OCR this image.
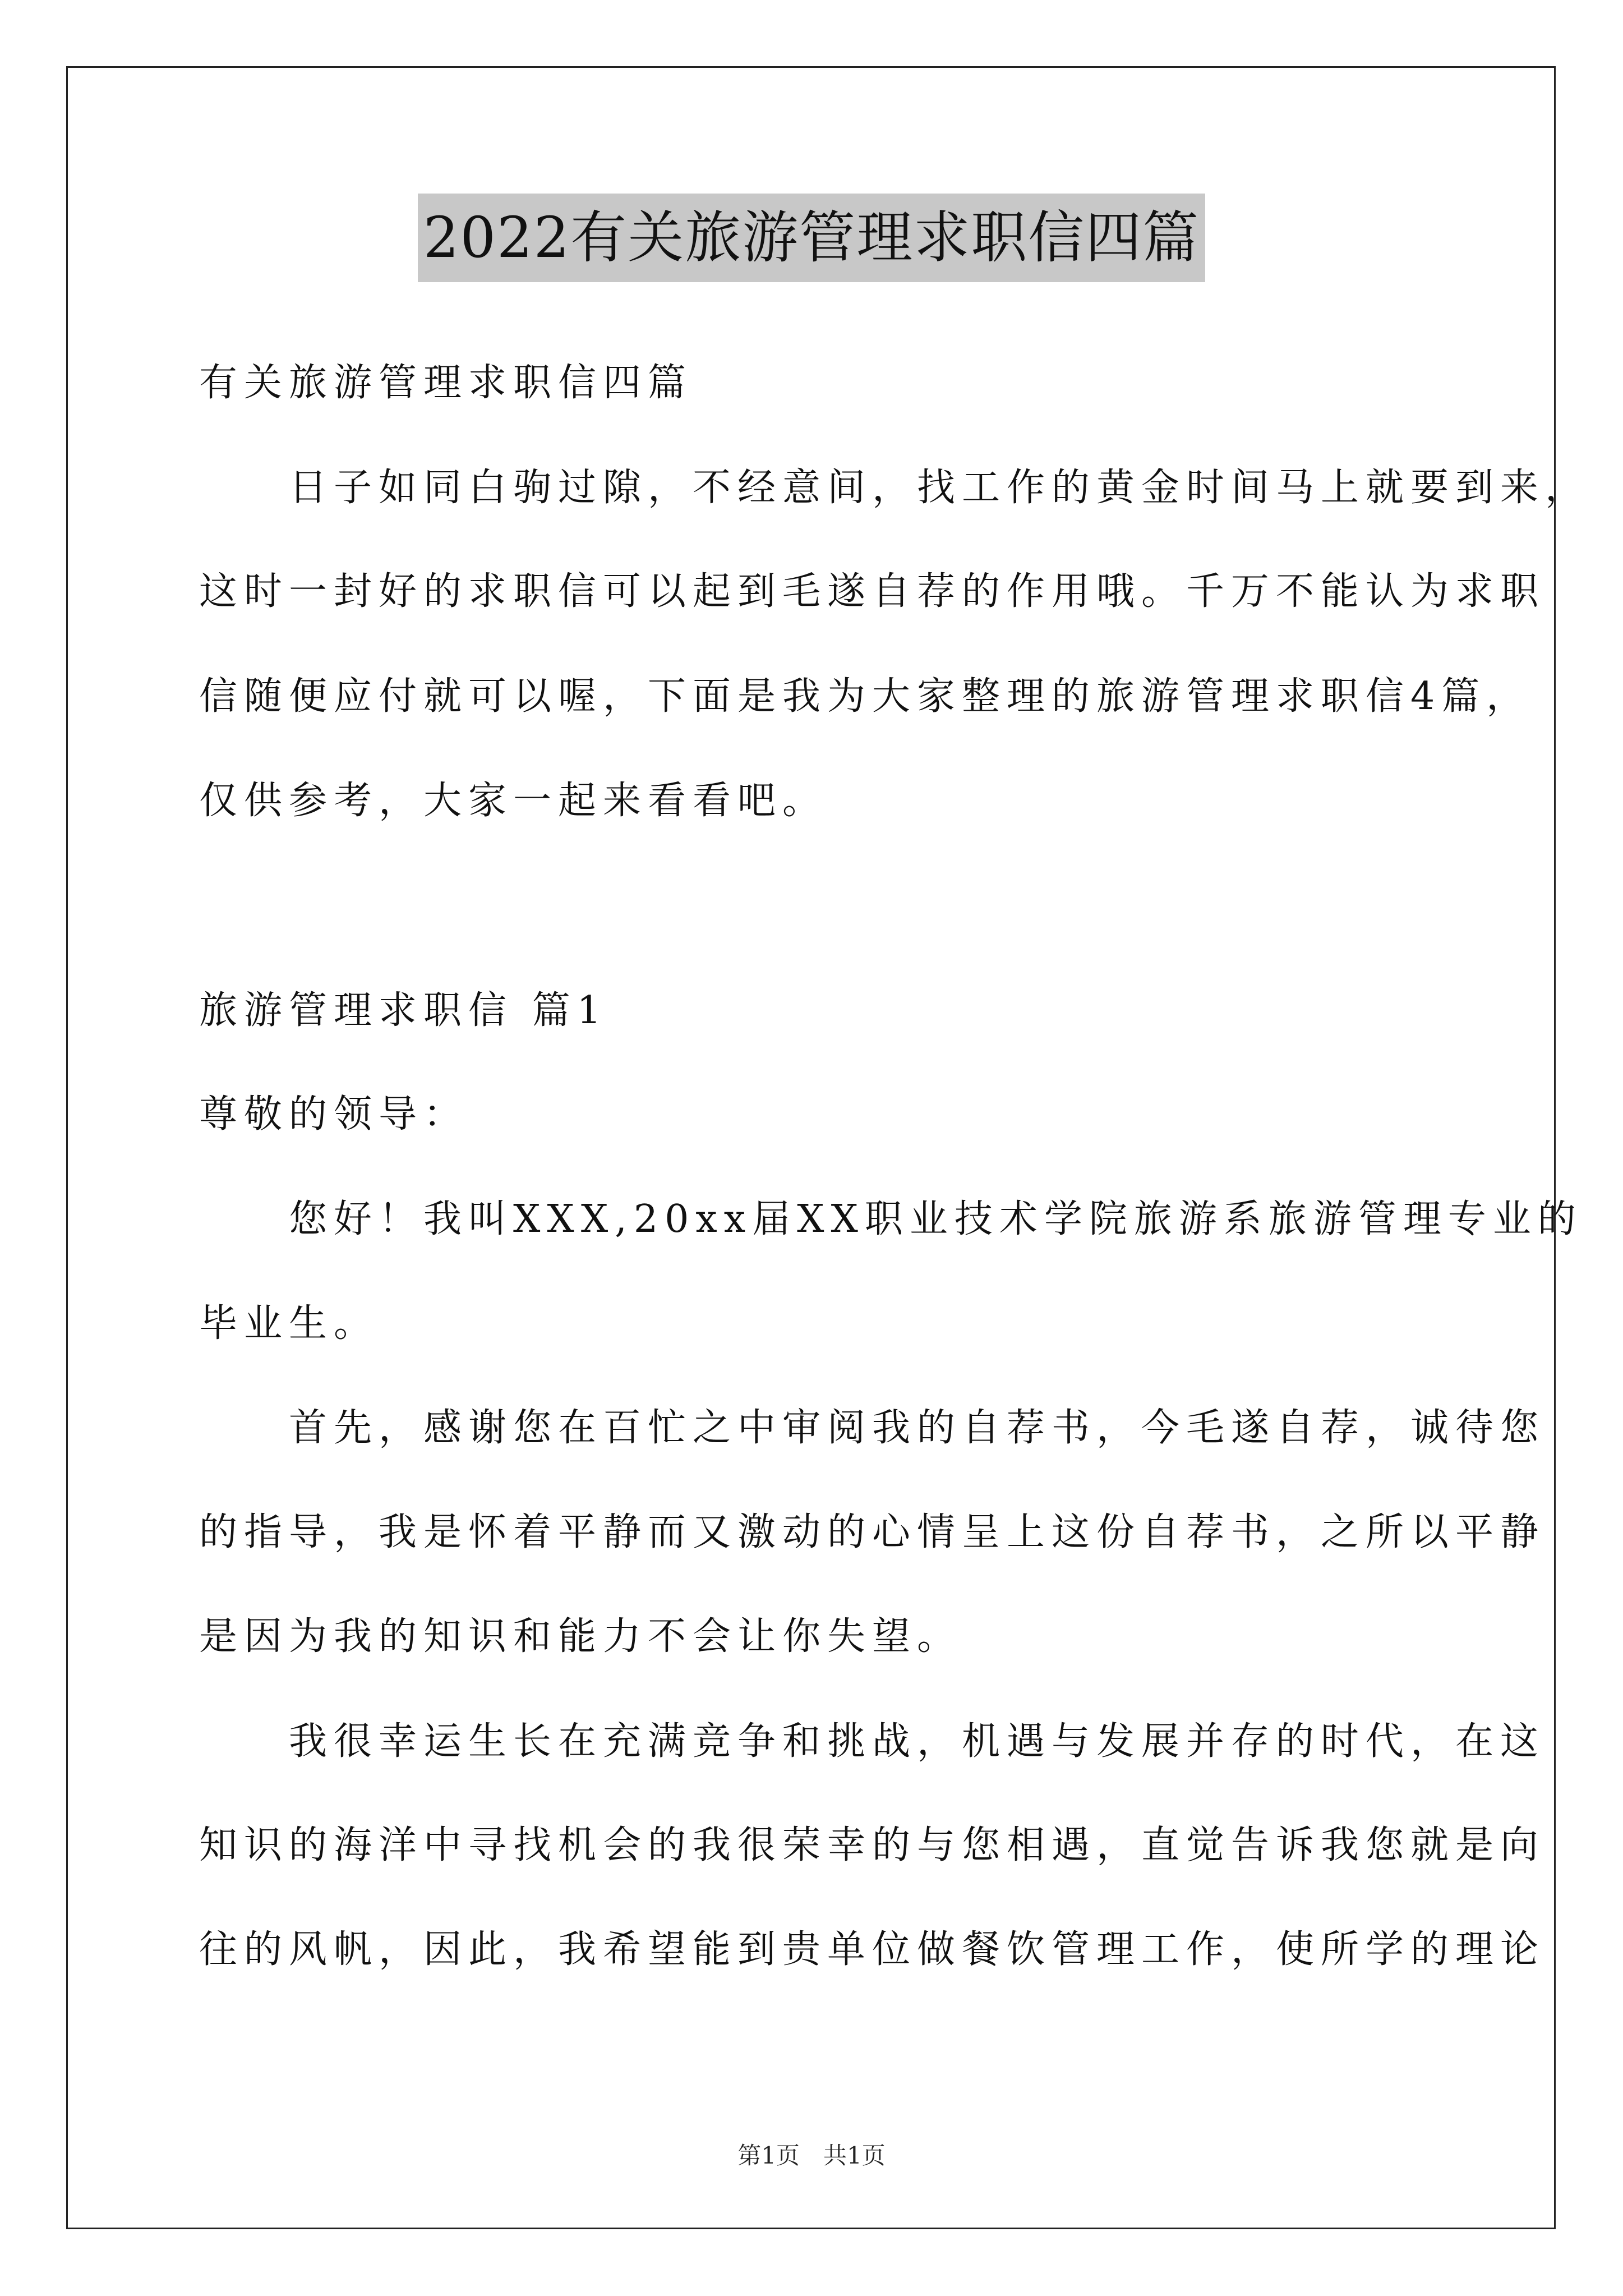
2022有关旅游管理求职信四篇

有关旅游管理求职信四篇

　　日子如同白驹过隙，不经意间，找工作的黄金时间马上就要到来，

这时一封好的求职信可以起到毛遂自荐的作用哦。千万不能认为求职

信随便应付就可以喔，下面是我为大家整理的旅游管理求职信4篇，

仅供参考，大家一起来看看吧。

旅游管理求职信 篇1

尊敬的领导：

　　您好！我叫XXX,20xx届XX职业技术学院旅游系旅游管理专业的

毕业生。

　　首先，感谢您在百忙之中审阅我的自荐书，今毛遂自荐，诚待您

的指导，我是怀着平静而又激动的心情呈上这份自荐书，之所以平静

是因为我的知识和能力不会让你失望。

　　我很幸运生长在充满竞争和挑战，机遇与发展并存的时代，在这

知识的海洋中寻找机会的我很荣幸的与您相遇，直觉告诉我您就是向

往的风帆，因此，我希望能到贵单位做餐饮管理工作，使所学的理论

第1页　共1页
